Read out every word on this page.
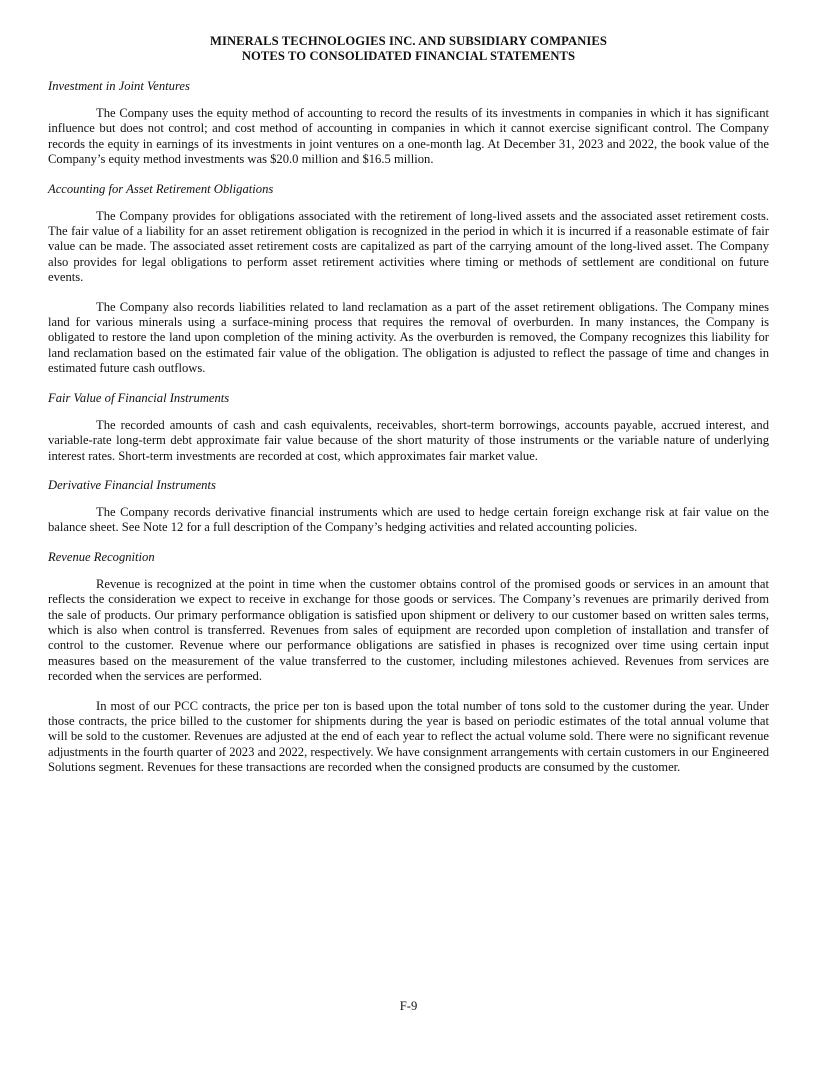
MINERALS TECHNOLOGIES INC. AND SUBSIDIARY COMPANIES
NOTES TO CONSOLIDATED FINANCIAL STATEMENTS
Investment in Joint Ventures

The Company uses the equity method of accounting to record the results of its investments in companies in which it has significant influence but does not control; and cost method of accounting in companies in which it cannot exercise significant control. The Company records the equity in earnings of its investments in joint ventures on a one-month lag. At December 31, 2023 and 2022, the book value of the Company’s equity method investments was $20.0 million and $16.5 million.

Accounting for Asset Retirement Obligations

The Company provides for obligations associated with the retirement of long-lived assets and the associated asset retirement costs. The fair value of a liability for an asset retirement obligation is recognized in the period in which it is incurred if a reasonable estimate of fair value can be made. The associated asset retirement costs are capitalized as part of the carrying amount of the long-lived asset. The Company also provides for legal obligations to perform asset retirement activities where timing or methods of settlement are conditional on future events.

The Company also records liabilities related to land reclamation as a part of the asset retirement obligations. The Company mines land for various minerals using a surface-mining process that requires the removal of overburden. In many instances, the Company is obligated to restore the land upon completion of the mining activity. As the overburden is removed, the Company recognizes this liability for land reclamation based on the estimated fair value of the obligation. The obligation is adjusted to reflect the passage of time and changes in estimated future cash outflows.

Fair Value of Financial Instruments

The recorded amounts of cash and cash equivalents, receivables, short-term borrowings, accounts payable, accrued interest, and variable-rate long-term debt approximate fair value because of the short maturity of those instruments or the variable nature of underlying interest rates. Short-term investments are recorded at cost, which approximates fair market value.

Derivative Financial Instruments

The Company records derivative financial instruments which are used to hedge certain foreign exchange risk at fair value on the balance sheet. See Note 12 for a full description of the Company’s hedging activities and related accounting policies.

Revenue Recognition

Revenue is recognized at the point in time when the customer obtains control of the promised goods or services in an amount that reflects the consideration we expect to receive in exchange for those goods or services. The Company’s revenues are primarily derived from the sale of products. Our primary performance obligation is satisfied upon shipment or delivery to our customer based on written sales terms, which is also when control is transferred. Revenues from sales of equipment are recorded upon completion of installation and transfer of control to the customer. Revenue where our performance obligations are satisfied in phases is recognized over time using certain input measures based on the measurement of the value transferred to the customer, including milestones achieved. Revenues from services are recorded when the services are performed.

In most of our PCC contracts, the price per ton is based upon the total number of tons sold to the customer during the year. Under those contracts, the price billed to the customer for shipments during the year is based on periodic estimates of the total annual volume that will be sold to the customer. Revenues are adjusted at the end of each year to reflect the actual volume sold. There were no significant revenue adjustments in the fourth quarter of 2023 and 2022, respectively. We have consignment arrangements with certain customers in our Engineered Solutions segment. Revenues for these transactions are recorded when the consigned products are consumed by the customer.

F-9
